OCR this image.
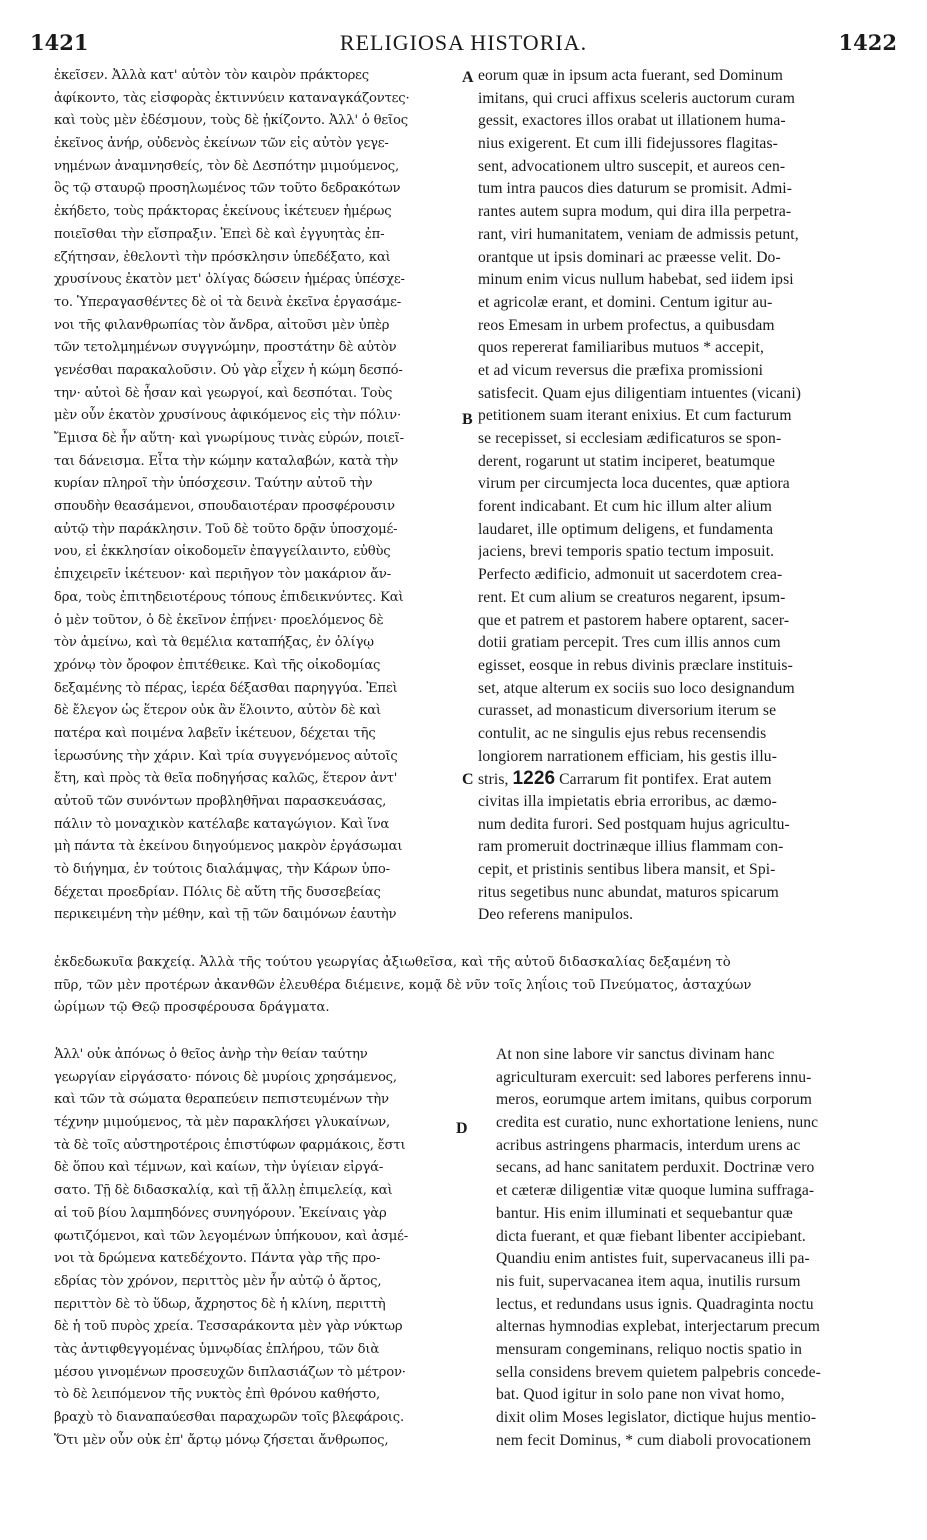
1421	RELIGIOSA HISTORIA.	1422
ἐκεῖσεν. Ἀλλὰ κατ' αὐτὸν τὸν καιρὸν πράκτορες
ἀφίκοντο, τὰς εἰσφορὰς ἐκτιννύειν καταναγκάζοντες·
καὶ τοὺς μὲν ἐδέσμουν, τοὺς δὲ ᾐκίζοντο. Ἀλλ' ὁ θεῖος
ἐκεῖνος ἀνήρ, οὐδενὸς ἐκείνων τῶν εἰς αὐτὸν γεγε-
νημένων ἀναμνησθείς, τὸν δὲ Δεσπότην μιμούμενος,
ὃς τῷ σταυρῷ προσηλωμένος τῶν τοῦτο δεδρακότων
ἐκήδετο, τοὺς πράκτορας ἐκείνους ἱκέτευεν ἡμέρως
ποιεῖσθαι τὴν εἴσπραξιν. Ἐπεὶ δὲ καὶ ἐγγυητὰς ἐπ-
εζήτησαν, ἐθελοντὶ τὴν πρόσκλησιν ὑπεδέξατο, καὶ
χρυσίνους ἑκατὸν μετ' ὀλίγας δώσειν ἡμέρας ὑπέσχε-
το. Ὑπεραγασθέντες δὲ οἱ τὰ δεινὰ ἐκεῖνα ἐργασάμε-
νοι τῆς φιλανθρωπίας τὸν ἄνδρα, αἰτοῦσι μὲν ὑπὲρ
τῶν τετολμημένων συγγνώμην, προστάτην δὲ αὐτὸν
γενέσθαι παρακαλοῦσιν. Οὐ γὰρ εἶχεν ἡ κώμη δεσπό-
την· αὐτοὶ δὲ ἦσαν καὶ γεωργοί, καὶ δεσπόται. Τοὺς
μὲν οὖν ἑκατὸν χρυσίνους ἀφικόμενος εἰς τὴν πόλιν·
Ἔμισα δὲ ἦν αὕτη· καὶ γνωρίμους τινὰς εὑρών, ποιεῖ-
ται δάνεισμα. Εἶτα τὴν κώμην καταλαβών, κατὰ τὴν
κυρίαν πληροῖ τὴν ὑπόσχεσιν. Ταύτην αὐτοῦ τὴν
σπουδὴν θεασάμενοι, σπουδαιοτέραν προσφέρουσιν
αὐτῷ τὴν παράκλησιν. Τοῦ δὲ τοῦτο δρᾷν ὑποσχομέ-
νου, εἰ ἐκκλησίαν οἰκοδομεῖν ἐπαγγείλαιντο, εὐθὺς
ἐπιχειρεῖν ἱκέτευον· καὶ περιῆγον τὸν μακάριον ἄν-
δρα, τοὺς ἐπιτηδειοτέρους τόπους ἐπιδεικνύντες. Καὶ
ὁ μὲν τοῦτον, ὁ δὲ ἐκεῖνον ἐπῄνει· προελόμενος δὲ
τὸν ἀμείνω, καὶ τὰ θεμέλια καταπήξας, ἐν ὀλίγῳ
χρόνῳ τὸν ὄροφον ἐπιτέθεικε. Καὶ τῆς οἰκοδομίας
δεξαμένης τὸ πέρας, ἱερέα δέξασθαι παρηγγύα. Ἐπεὶ
δὲ ἔλεγον ὡς ἕτερον οὐκ ἂν ἕλοιντο, αὐτὸν δὲ καὶ
πατέρα καὶ ποιμένα λαβεῖν ἱκέτευον, δέχεται τῆς
ἱερωσύνης τὴν χάριν. Καὶ τρία συγγενόμενος αὐτοῖς
ἔτη, καὶ πρὸς τὰ θεῖα ποδηγήσας καλῶς, ἕτερον ἀντ'
αὐτοῦ τῶν συνόντων προβληθῆναι παρασκευάσας,
πάλιν τὸ μοναχικὸν κατέλαβε καταγώγιον. Καὶ ἵνα
μὴ πάντα τὰ ἐκείνου διηγούμενος μακρὸν ἐργάσωμαι
τὸ διήγημα, ἐν τούτοις διαλάμψας, τὴν Κάρων ὑπο-
δέχεται προεδρίαν. Πόλις δὲ αὕτη τῆς δυσσεβείας
περικειμένη τὴν μέθην, καὶ τῇ τῶν δαιμόνων ἑαυτὴν
eorum quæ in ipsum acta fuerant, sed Dominum
imitans, qui cruci affixus sceleris auctorum curam
gessit, exactores illos orabat ut illationem huma-
nius exigerent. Et cum illi fidejussores flagitas-
sent, advocationem ultro suscepit, et aureos cen-
tum intra paucos dies daturum se promisit. Admi-
rantes autem supra modum, qui dira illa perpetra-
rant, viri humanitatem, veniam de admissis petunt,
orantque ut ipsis dominari ac præesse velit. Do-
minum enim vicus nullum habebat, sed iidem ipsi
et agricolæ erant, et domini. Centum igitur au-
reos Emesam in urbem profectus, a quibusdam
quos repererat familiaribus mutuos * accepit,
et ad vicum reversus die præfixa promissioni
satisfecit. Quam ejus diligentiam intuentes (vicani)
petitionem suam iterant enixius. Et cum facturum
se recepisset, si ecclesiam ædificaturos se spon-
derent, rogarunt ut statim inciperet, beatumque
virum per circumjecta loca ducentes, quæ aptiora
forent indicabant. Et cum hic illum alter alium
laudaret, ille optimum deligens, et fundamenta
jaciens, brevi temporis spatio tectum imposuit.
Perfecto ædificio, admonuit ut sacerdotem crea-
rent. Et cum alium se creaturos negarent, ipsum-
que et patrem et pastorem habere optarent, sacer-
dotii gratiam percepit. Tres cum illis annos cum
egisset, eosque in rebus divinis præclare instituis-
set, atque alterum ex sociis suo loco designandum
curasset, ad monasticum diversorium iterum se
contulit, ac ne singulis ejus rebus recensendis
longiorem narrationem efficiam, his gestis illu-
stris, 1226 Carrarum fit pontifex. Erat autem
civitas illa impietatis ebria erroribus, ac dæmo-
num dedita furori. Sed postquam hujus agricultu-
ram promeruit doctrinæque illius flammam con-
cepit, et pristinis sentibus libera mansit, et Spi-
ritus segetibus nunc abundat, maturos spicarum
Deo referens manipulos.
A
B
C
D
ἐκδεδωκυῖα βακχείᾳ. Ἀλλὰ τῆς τούτου γεωργίας ἀξιωθεῖσα, καὶ τῆς αὐτοῦ διδασκαλίας δεξαμένη τὸ
πῦρ, τῶν μὲν προτέρων ἀκανθῶν ἐλευθέρα διέμεινε, κομᾷ δὲ νῦν τοῖς ληΐοις τοῦ Πνεύματος, ἀσταχύων
ὡρίμων τῷ Θεῷ προσφέρουσα δράγματα.
Ἀλλ' οὐκ ἀπόνως ὁ θεῖος ἀνὴρ τὴν θείαν ταύτην
γεωργίαν εἰργάσατο· πόνοις δὲ μυρίοις χρησάμενος,
καὶ τῶν τὰ σώματα θεραπεύειν πεπιστευμένων τὴν
τέχνην μιμούμενος, τὰ μὲν παρακλήσει γλυκαίνων,
τὰ δὲ τοῖς αὐστηροτέροις ἐπιστύφων φαρμάκοις, ἔστι
δὲ ὅπου καὶ τέμνων, καὶ καίων, τὴν ὑγίειαν εἰργά-
σατο. Τῇ δὲ διδασκαλίᾳ, καὶ τῇ ἄλλῃ ἐπιμελείᾳ, καὶ
αἱ τοῦ βίου λαμπηδόνες συνηγόρουν. Ἐκείναις γὰρ
φωτιζόμενοι, καὶ τῶν λεγομένων ὑπήκουον, καὶ ἀσμέ-
νοι τὰ δρώμενα κατεδέχοντο. Πάντα γὰρ τῆς προ-
εδρίας τὸν χρόνον, περιττὸς μὲν ἦν αὐτῷ ὁ ἄρτος,
περιττὸν δὲ τὸ ὕδωρ, ἄχρηστος δὲ ἡ κλίνη, περιττὴ
δὲ ἡ τοῦ πυρὸς χρεία. Τεσσαράκοντα μὲν γὰρ νύκτωρ
τὰς ἀντιφθεγγομένας ὑμνῳδίας ἐπλήρου, τῶν διὰ
μέσου γινομένων προσευχῶν διπλασιάζων τὸ μέτρον·
τὸ δὲ λειπόμενον τῆς νυκτὸς ἐπὶ θρόνου καθήστο,
βραχὺ τὸ διαναπαύεσθαι παραχωρῶν τοῖς βλεφάροις.
Ὅτι μὲν οὖν οὐκ ἐπ' ἄρτῳ μόνῳ ζήσεται ἄνθρωπος,
At non sine labore vir sanctus divinam hanc
agriculturam exercuit: sed labores perferens innu-
meros, eorumque artem imitans, quibus corporum
credita est curatio, nunc exhortatione leniens, nunc
acribus astringens pharmacis, interdum urens ac
secans, ad hanc sanitatem perduxit. Doctrinæ vero
et cæteræ diligentiæ vitæ quoque lumina suffraga-
bantur. His enim illuminati et sequebantur quæ
dicta fuerant, et quæ fiebant libenter accipiebant.
Quandiu enim antistes fuit, supervacaneus illi pa-
nis fuit, supervacanea item aqua, inutilis rursum
lectus, et redundans usus ignis. Quadraginta noctu
alternas hymnodias explebat, interjectarum precum
mensuram congeminans, reliquo noctis spatio in
sella considens brevem quietem palpebris concede-
bat. Quod igitur in solo pane non vivat homo,
dixit olim Moses legislator, dictique hujus mentio-
nem fecit Dominus, * cum diaboli provocationem
